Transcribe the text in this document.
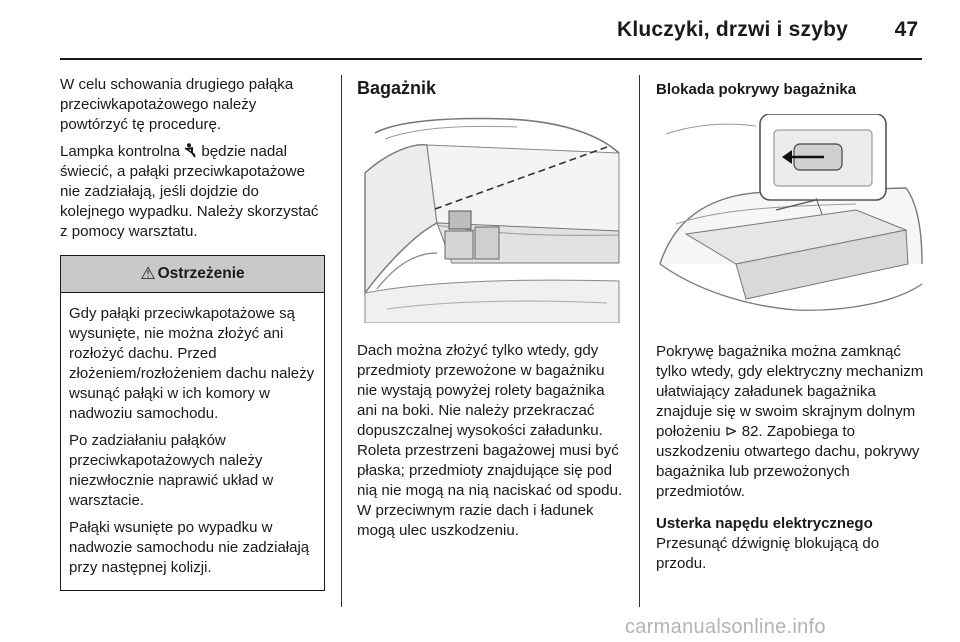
Kluczyki, drzwi i szyby 47

W celu schowania drugiego pałąka przeciwkapotażowego należy powtórzyć tę procedurę.

Lampka kontrolna  będzie nadal świecić, a pałąki przeciwkapotażowe nie zadziałają, jeśli dojdzie do kolejnego wypadku. Należy skorzystać z pomocy warsztatu.

⚠ Ostrzeżenie

Gdy pałąki przeciwkapotażowe są wysunięte, nie można złożyć ani rozłożyć dachu. Przed złożeniem/rozłożeniem dachu należy wsunąć pałąki w ich komory w nadwoziu samochodu.

Po zadziałaniu pałąków przeciwkapotażowych należy niezwłocznie naprawić układ w warsztacie.

Pałąki wsunięte po wypadku w nadwozie samochodu nie zadziałają przy następnej kolizji.

Bagażnik

Dach można złożyć tylko wtedy, gdy przedmioty przewożone w bagażniku nie wystają powyżej rolety bagażnika ani na boki. Nie należy przekraczać dopuszczalnej wysokości załadunku. Roleta przestrzeni bagażowej musi być płaska; przedmioty znajdujące się pod nią nie mogą na nią naciskać od spodu. W przeciwnym razie dach i ładunek mogą ulec uszkodzeniu.

Blokada pokrywy bagażnika

Pokrywę bagażnika można zamknąć tylko wtedy, gdy elektryczny mechanizm ułatwiający załadunek bagażnika znajduje się w swoim skrajnym dolnym położeniu ⊳ 82. Zapobiega to uszkodzeniu otwartego dachu, pokrywy bagażnika lub przewożonych przedmiotów.

Usterka napędu elektrycznego

Przesunąć dźwignię blokującą do przodu.

carmanualsonline.info
